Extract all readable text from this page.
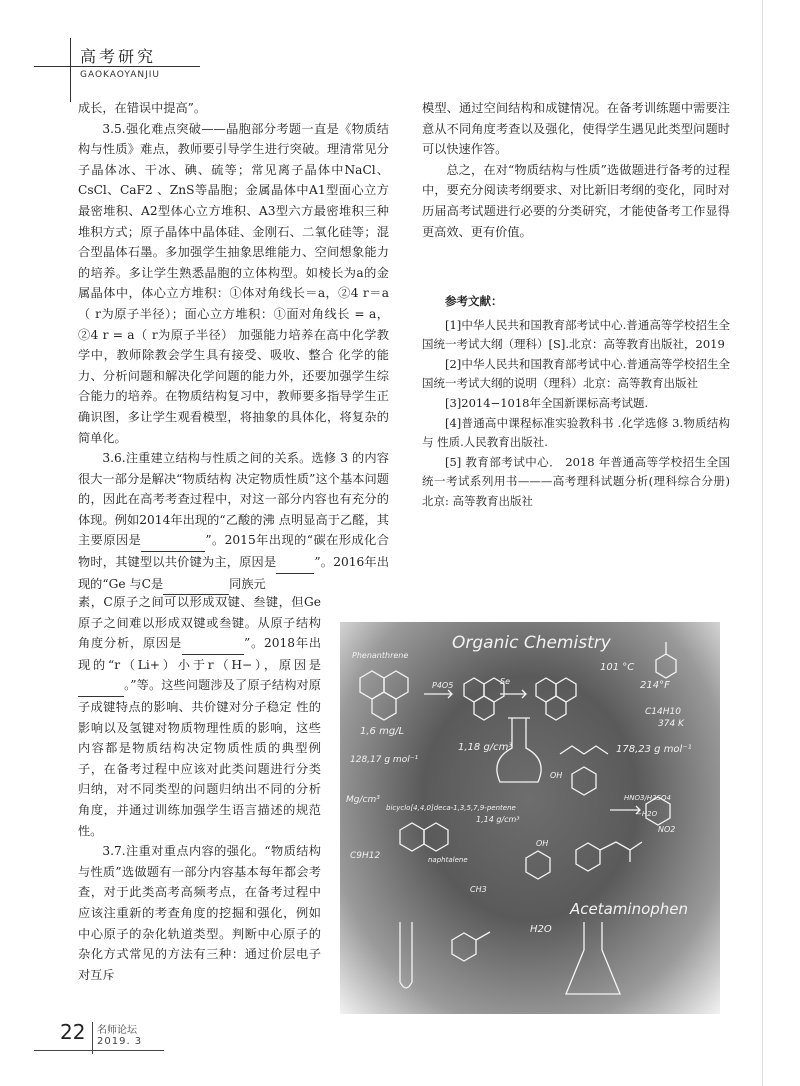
高考研究
GAOKAOYANJIU

成长，在错误中提高”。

3.5.强化难点突破——晶胞部分考题一直是《物质结构与性质》难点，教师要引导学生进行突破。理清常见分子晶体冰、干冰、碘、硫等；常见离子晶体中NaCl、CsCl、CaF2 、ZnS等晶胞；金属晶体中A1型面心立方最密堆积、A2型体心立方堆积、A3型六方最密堆积三种堆积方式；原子晶体中晶体硅、金刚石、二氧化硅等；混合型晶体石墨。多加强学生抽象思维能力、空间想象能力的培养。多让学生熟悉晶胞的立体构型。如棱长为a的金属晶体中，体心立方堆积：①体对角线长＝a，②4 r＝a（ r为原子半径）；面心立方堆积：①面对角线长 = a，②4 r = a（ r为原子半径） 加强能力培养在高中化学教学中，教师除教会学生具有接受、吸收、整合 化学的能力、分析问题和解决化学问题的能力外，还要加强学生综合能力的培养。在物质结构复习中，教师要多指导学生正确识图，多让学生观看模型，将抽象的具体化，将复杂的简单化。

3.6.注重建立结构与性质之间的关系。选修 3 的内容很大一部分是解决“物质结构 决定物质性质”这个基本问题的，因此在高考考查过程中，对这一部分内容也有充分的体现。例如2014年出现的“乙酸的沸 点明显高于乙醛，其主要原因是	”。2015年出现的“碳在形成化合物时，其键型以共价键为主，原因是	”。2016年出现的“Ge 与C是	同族元

素，C原子之间可以形成双键、叁键，但Ge原子之间难以形成双键或叁键。从原子结构角度分析，原因是	”。2018年出现的“r（Li+）小于r（H−），原因是 。”等。这些问题涉及了原子结构对原子成键特点的影响、共价键对分子稳定 性的影响以及氢键对物质物理性质的影响，这些内容都是物质结构决定物质性质的典型例子，在备考过程中应该对此类问题进行分类归纳，对不同类型的问题归纳出不同的分析角度，并通过训练加强学生语言描述的规范性。

3.7.注重对重点内容的强化。“物质结构与性质”选做题有一部分内容基本每年都会考查，对于此类高考高频考点，在备考过程中应该注重新的考查角度的挖掘和强化，例如中心原子的杂化轨道类型。判断中心原子的杂化方式常见的方法有三种：通过价层电子对互斥

模型、通过空间结构和成键情况。在备考训练题中需要注意从不同角度考查以及强化，使得学生遇见此类型问题时可以快速作答。

总之，在对“物质结构与性质”选做题进行备考的过程中，要充分阅读考纲要求、对比新旧考纲的变化，同时对历届高考试题进行必要的分类研究，才能使备考工作显得更高效、更有价值。

参考文献：

[1]中华人民共和国教育部考试中心.普通高等学校招生全国统一考试大纲（理科）[S].北京：高等教育出版社，2019

[2]中华人民共和国教育部考试中心.普通高等学校招生全国统一考试大纲的说明（理科）北京：高等教育出版社

[3]2014−1018年全国新课标高考试题.

[4]普通高中课程标准实验教科书 .化学选修 3.物质结构与 性质.人民教育出版社.

[5] 教育部考试中心． 2018 年普通高等学校招生全国统一考试系列用书———高考理科试题分析(理科综合分册) 北京: 高等教育出版社

Organic Chemistry
Phenanthrene
P4O5	Se
101 °C
214°F
C14H10
374 K
1,6 mg/L
1,18 g/cm³
128,17 g mol⁻¹
178,23 g mol⁻¹
Mg/cm³
bicyclo[4,4,0]deca-1,3,5,7,9-pentene
HNO3/H2SO4
−H2O
1,14 g/cm³
naphtalene
OH
CH3
C9H12
Acetaminophen
H2O
NO2
OH
22 名师论坛
2019. 3
